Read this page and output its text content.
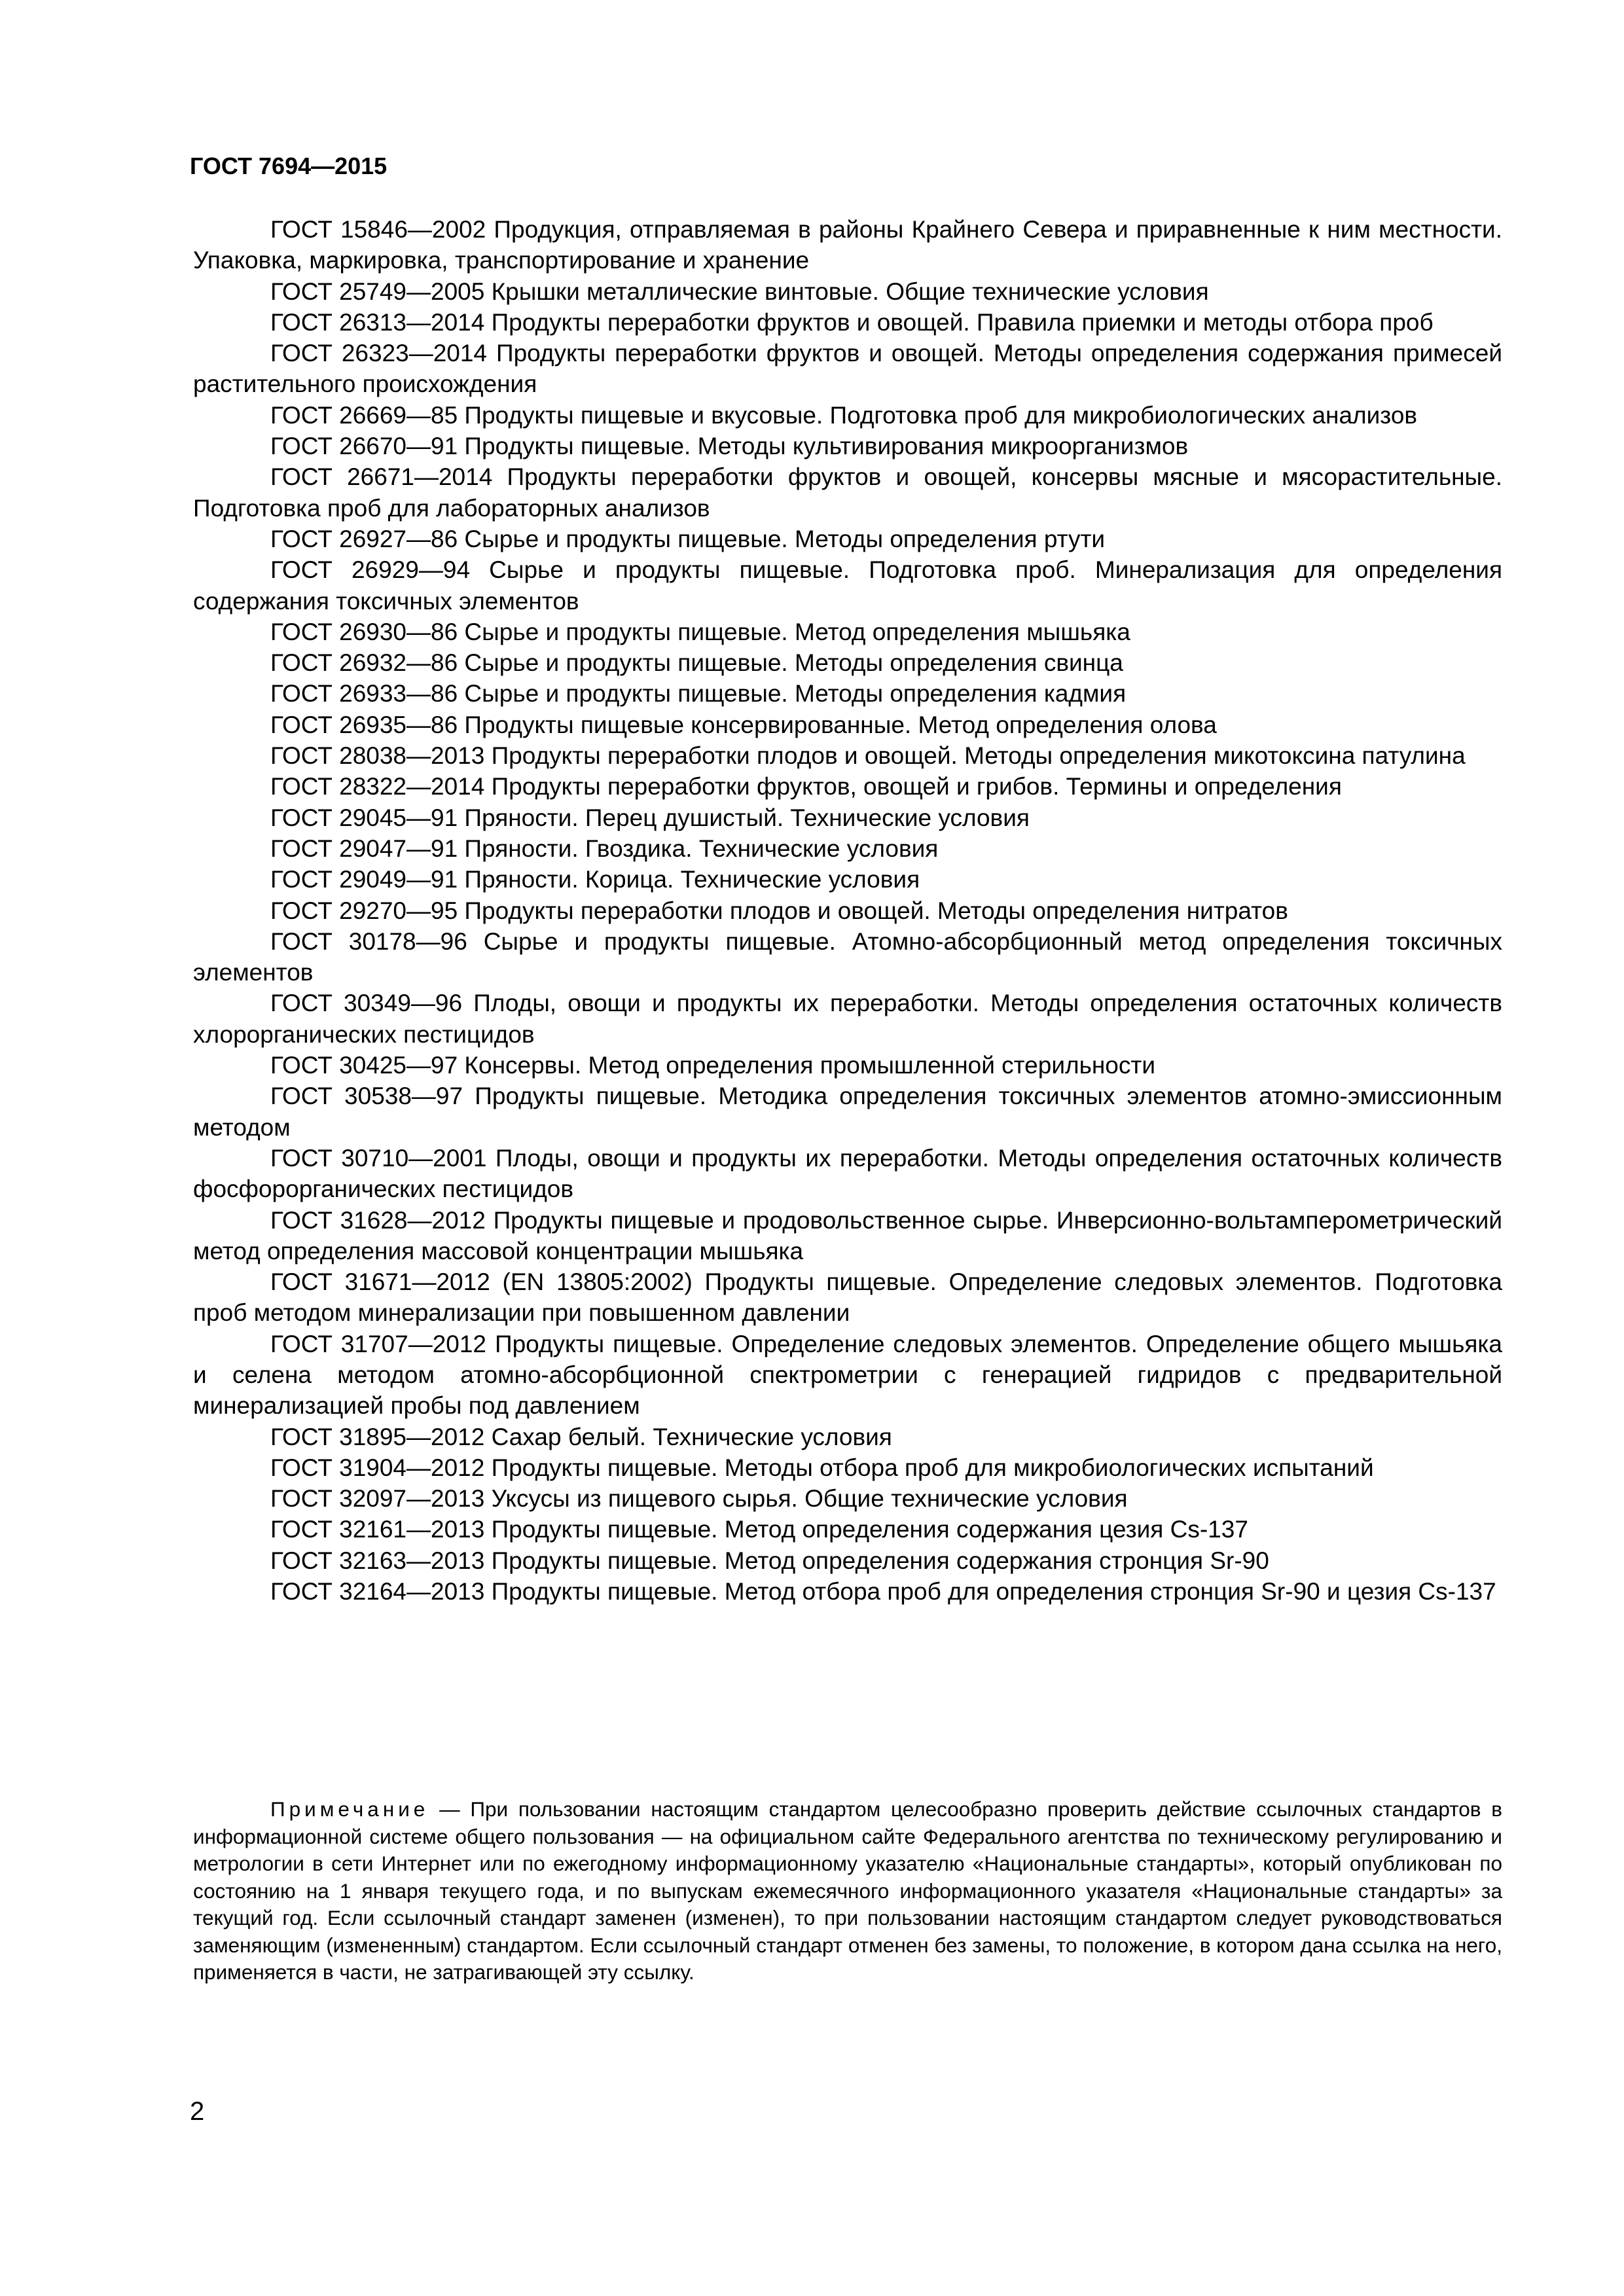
ГОСТ 7694—2015
ГОСТ 15846—2002 Продукция, отправляемая в районы Крайнего Севера и приравненные к ним местности. Упаковка, маркировка, транспортирование и хранение
ГОСТ 25749—2005 Крышки металлические винтовые. Общие технические условия
ГОСТ 26313—2014 Продукты переработки фруктов и овощей. Правила приемки и методы отбора проб
ГОСТ 26323—2014 Продукты переработки фруктов и овощей. Методы определения содержания примесей растительного происхождения
ГОСТ 26669—85 Продукты пищевые и вкусовые. Подготовка проб для микробиологических анализов
ГОСТ 26670—91 Продукты пищевые. Методы культивирования микроорганизмов
ГОСТ 26671—2014 Продукты переработки фруктов и овощей, консервы мясные и мясорастительные. Подготовка проб для лабораторных анализов
ГОСТ 26927—86 Сырье и продукты пищевые. Методы определения ртути
ГОСТ 26929—94 Сырье и продукты пищевые. Подготовка проб. Минерализация для определения содержания токсичных элементов
ГОСТ 26930—86 Сырье и продукты пищевые. Метод определения мышьяка
ГОСТ 26932—86 Сырье и продукты пищевые. Методы определения свинца
ГОСТ 26933—86 Сырье и продукты пищевые. Методы определения кадмия
ГОСТ 26935—86 Продукты пищевые консервированные. Метод определения олова
ГОСТ 28038—2013 Продукты переработки плодов и овощей. Методы определения микотоксина патулина
ГОСТ 28322—2014 Продукты переработки фруктов, овощей и грибов. Термины и определения
ГОСТ 29045—91 Пряности. Перец душистый. Технические условия
ГОСТ 29047—91 Пряности. Гвоздика. Технические условия
ГОСТ 29049—91 Пряности. Корица. Технические условия
ГОСТ 29270—95 Продукты переработки плодов и овощей. Методы определения нитратов
ГОСТ 30178—96 Сырье и продукты пищевые. Атомно-абсорбционный метод определения токсичных элементов
ГОСТ 30349—96 Плоды, овощи и продукты их переработки. Методы определения остаточных количеств хлорорганических пестицидов
ГОСТ 30425—97 Консервы. Метод определения промышленной стерильности
ГОСТ 30538—97 Продукты пищевые. Методика определения токсичных элементов атомно-эмиссионным методом
ГОСТ 30710—2001 Плоды, овощи и продукты их переработки. Методы определения остаточных количеств фосфорорганических пестицидов
ГОСТ 31628—2012 Продукты пищевые и продовольственное сырье. Инверсионно-вольтамперометрический метод определения массовой концентрации мышьяка
ГОСТ 31671—2012 (EN 13805:2002) Продукты пищевые. Определение следовых элементов. Подготовка проб методом минерализации при повышенном давлении
ГОСТ 31707—2012 Продукты пищевые. Определение следовых элементов. Определение общего мышьяка и селена методом атомно-абсорбционной спектрометрии с генерацией гидридов с предварительной минерализацией пробы под давлением
ГОСТ 31895—2012 Сахар белый. Технические условия
ГОСТ 31904—2012 Продукты пищевые. Методы отбора проб для микробиологических испытаний
ГОСТ 32097—2013 Уксусы из пищевого сырья. Общие технические условия
ГОСТ 32161—2013 Продукты пищевые. Метод определения содержания цезия Cs-137
ГОСТ 32163—2013 Продукты пищевые. Метод определения содержания стронция Sr-90
ГОСТ 32164—2013 Продукты пищевые. Метод отбора проб для определения стронция Sr-90 и цезия Cs-137

Примечание — При пользовании настоящим стандартом целесообразно проверить действие ссылочных стандартов в информационной системе общего пользования — на официальном сайте Федерального агентства по техническому регулированию и метрологии в сети Интернет или по ежегодному информационному указателю «Национальные стандарты», который опубликован по состоянию на 1 января текущего года, и по выпускам ежемесячного информационного указателя «Национальные стандарты» за текущий год. Если ссылочный стандарт заменен (изменен), то при пользовании настоящим стандартом следует руководствоваться заменяющим (измененным) стандартом. Если ссылочный стандарт отменен без замены, то положение, в котором дана ссылка на него, применяется в части, не затрагивающей эту ссылку.

2
